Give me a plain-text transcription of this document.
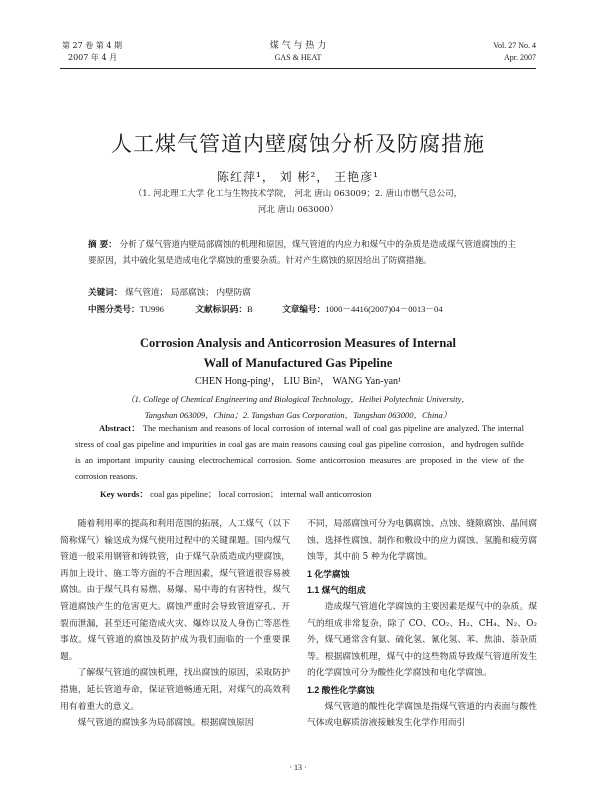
第 27 卷 第 4 期
2007 年 4 月
煤 气 与 热 力
GAS & HEAT
Vol. 27 No. 4
Apr. 2007
人工煤气管道内壁腐蚀分析及防腐措施
陈红萍¹， 刘 彬²， 王艳彦¹
（1. 河北理工大学 化工与生物技术学院， 河北 唐山 063009；2. 唐山市燃气总公司，
河北 唐山 063000）
摘 要： 分析了煤气管道内壁局部腐蚀的机理和原因，煤气管道的内应力和煤气中的杂质是造成煤气管道腐蚀的主要原因，其中硫化氢是造成电化学腐蚀的重要杂质。针对产生腐蚀的原因给出了防腐措施。
关键词： 煤气管道； 局部腐蚀； 内壁防腐
中图分类号：TU996	文献标识码：B	文章编号：1000－4416(2007)04－0013－04
Corrosion Analysis and Anticorrosion Measures of Internal
Wall of Manufactured Gas Pipeline
CHEN Hong-ping¹， LIU Bin²， WANG Yan-yan¹
（1. College of Chemical Engineering and Biological Technology，Heibei Polytechnic University，
Tangshan 063009，China；2. Tangshan Gas Corporation，Tangshan 063000，China）
Abstract： The mechanism and reasons of local corrosion of internal wall of coal gas pipeline are analyzed. The internal stress of coal gas pipeline and impurities in coal gas are main reasons causing coal gas pipeline corrosion，and hydrogen sulfide is an important impurity causing electrochemical corrosion. Some anticorrosion measures are proposed in the view of the corrosion reasons.
Key words： coal gas pipeline； local corrosion； internal wall anticorrosion

随着利用率的提高和利用范围的拓展，人工煤气（以下简称煤气）输送成为煤气使用过程中的关键课题。国内煤气管道一般采用钢管和铸铁管，由于煤气杂质造成内壁腐蚀，再加上设计、施工等方面的不合理因素，煤气管道很容易被腐蚀。由于煤气具有易燃、易爆、易中毒的有害特性，煤气管道腐蚀产生的危害更大。腐蚀严重时会导致管道穿孔、开裂而泄漏，甚至还可能造成火灾、爆炸以及人身伤亡等恶性事故。煤气管道的腐蚀及防护成为我们面临的一个重要课题。

了解煤气管道的腐蚀机理，找出腐蚀的原因，采取防护措施，延长管道寿命，保证管道畅通无阻，对煤气的高效利用有着重大的意义。

煤气管道的腐蚀多为局部腐蚀。根据腐蚀原因

不同，局部腐蚀可分为电偶腐蚀、点蚀、缝隙腐蚀、晶间腐蚀、选择性腐蚀、制作和敷设中的应力腐蚀、氢脆和疲劳腐蚀等，其中前 5 种为化学腐蚀。

1 化学腐蚀
1.1 煤气的组成

造成煤气管道化学腐蚀的主要因素是煤气中的杂质。煤气的组成非常复杂，除了 CO、CO₂、H₂、CH₄、N₂、O₂ 外，煤气通常含有氨、硫化氢、氰化氢、苯、焦油、萘杂质等。根据腐蚀机理，煤气中的这些物质导致煤气管道所发生的化学腐蚀可分为酸性化学腐蚀和电化学腐蚀。

1.2 酸性化学腐蚀

煤气管道的酸性化学腐蚀是指煤气管道的内表面与酸性气体或电解质溶液接触发生化学作用而引

· 13 ·
